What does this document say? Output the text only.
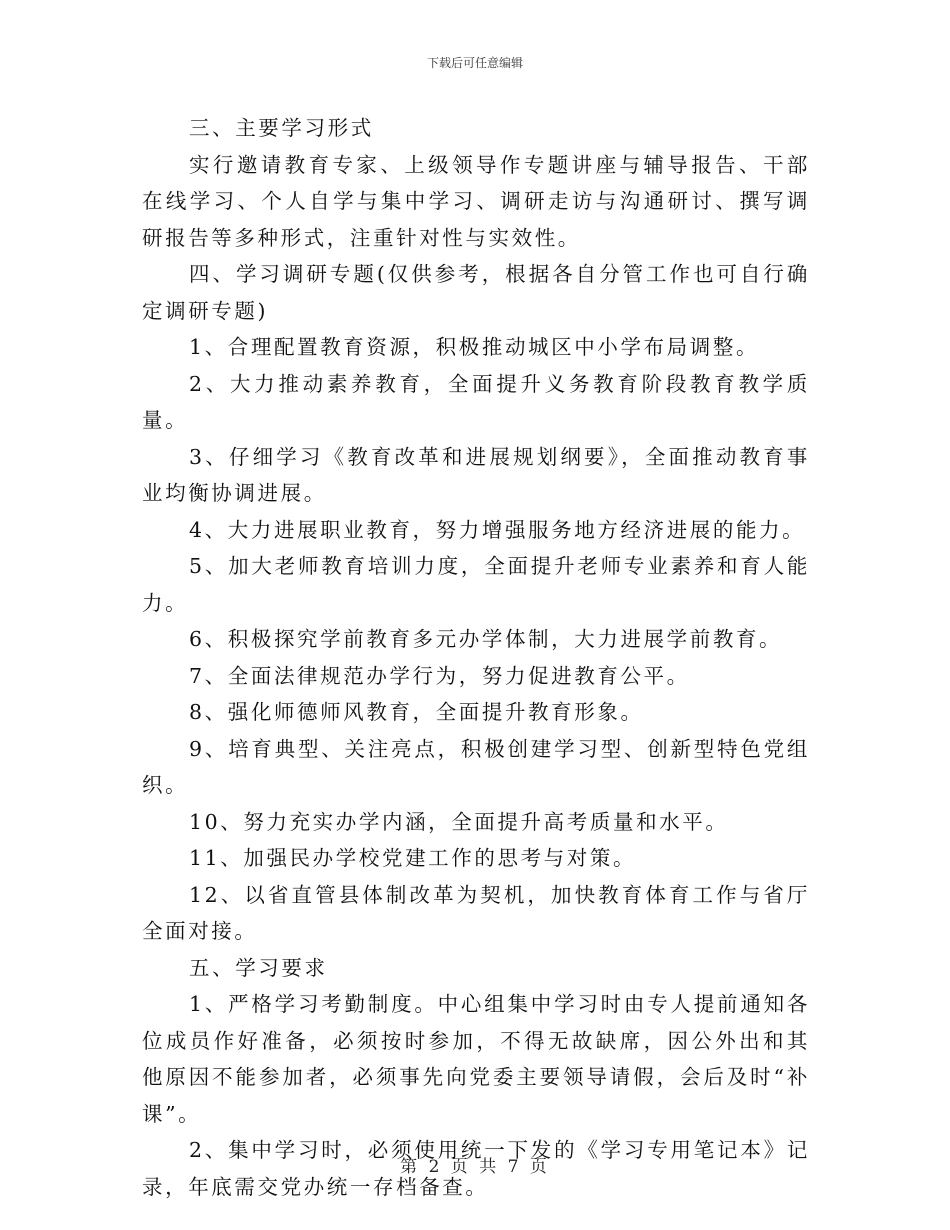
下载后可任意编辑

三、主要学习形式

实行邀请教育专家、上级领导作专题讲座与辅导报告、干部在线学习、个人自学与集中学习、调研走访与沟通研讨、撰写调研报告等多种形式，注重针对性与实效性。

四、学习调研专题(仅供参考，根据各自分管工作也可自行确定调研专题)

1、合理配置教育资源，积极推动城区中小学布局调整。

2、大力推动素养教育，全面提升义务教育阶段教育教学质量。

3、仔细学习《教育改革和进展规划纲要》，全面推动教育事业均衡协调进展。

4、大力进展职业教育，努力增强服务地方经济进展的能力。

5、加大老师教育培训力度，全面提升老师专业素养和育人能力。

6、积极探究学前教育多元办学体制，大力进展学前教育。

7、全面法律规范办学行为，努力促进教育公平。

8、强化师德师风教育，全面提升教育形象。

9、培育典型、关注亮点，积极创建学习型、创新型特色党组织。

10、努力充实办学内涵，全面提升高考质量和水平。

11、加强民办学校党建工作的思考与对策。

12、以省直管县体制改革为契机，加快教育体育工作与省厅全面对接。

五、学习要求

1、严格学习考勤制度。中心组集中学习时由专人提前通知各位成员作好准备，必须按时参加，不得无故缺席，因公外出和其他原因不能参加者，必须事先向党委主要领导请假，会后及时“补课”。

2、集中学习时，必须使用统一下发的《学习专用笔记本》记录，年底需交党办统一存档备查。

第 2 页 共 7 页
